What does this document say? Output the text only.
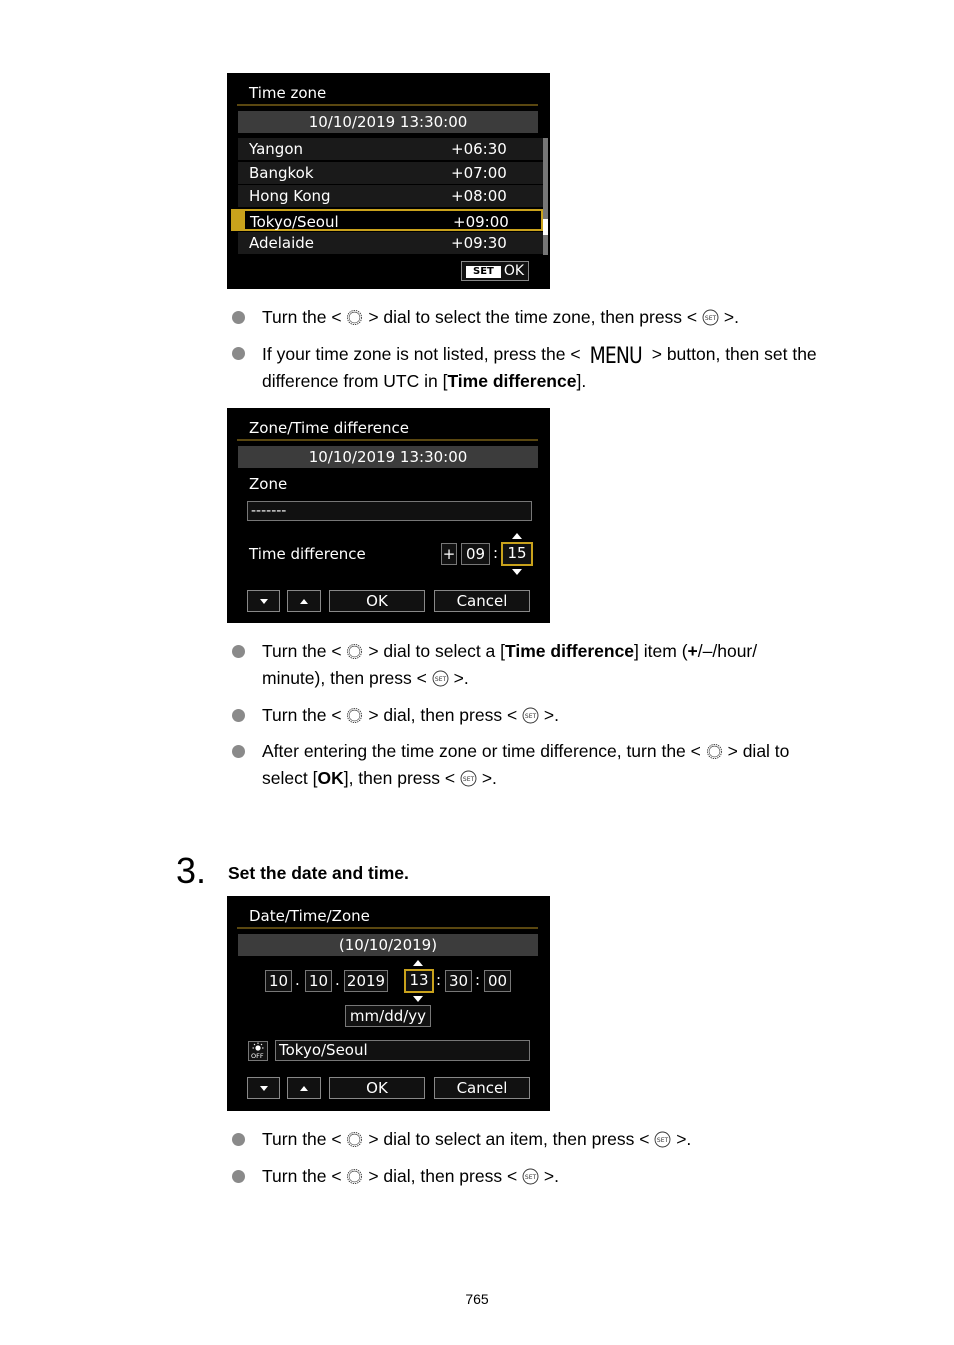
Time zone
10/10/2019 13:30:00
Yangon	+06:30
Bangkok	+07:00
Hong Kong	+08:00
Tokyo/Seoul	+09:00
Adelaide	+09:30
SET OK
Turn the <  > dial to select the time zone, then press <  >.
If your time zone is not listed, press the < MENU > button, then set the
difference from UTC in [Time difference].
Zone/Time difference
10/10/2019 13:30:00
Zone
-------
Time difference	+ 09 : 15
OK	Cancel
Turn the <  > dial to select a [Time difference] item (+/–/hour/
minute), then press <  >.
Turn the <  > dial, then press <  >.
After entering the time zone or time difference, turn the <  > dial to
select [OK], then press <  >.
3. Set the date and time.
Date/Time/Zone
(10/10/2019)
10 . 10 . 2019	13 : 30 : 00
mm/dd/yy
OFF Tokyo/Seoul
OK	Cancel
Turn the <  > dial to select an item, then press <  >.
Turn the <  > dial, then press <  >.
765
